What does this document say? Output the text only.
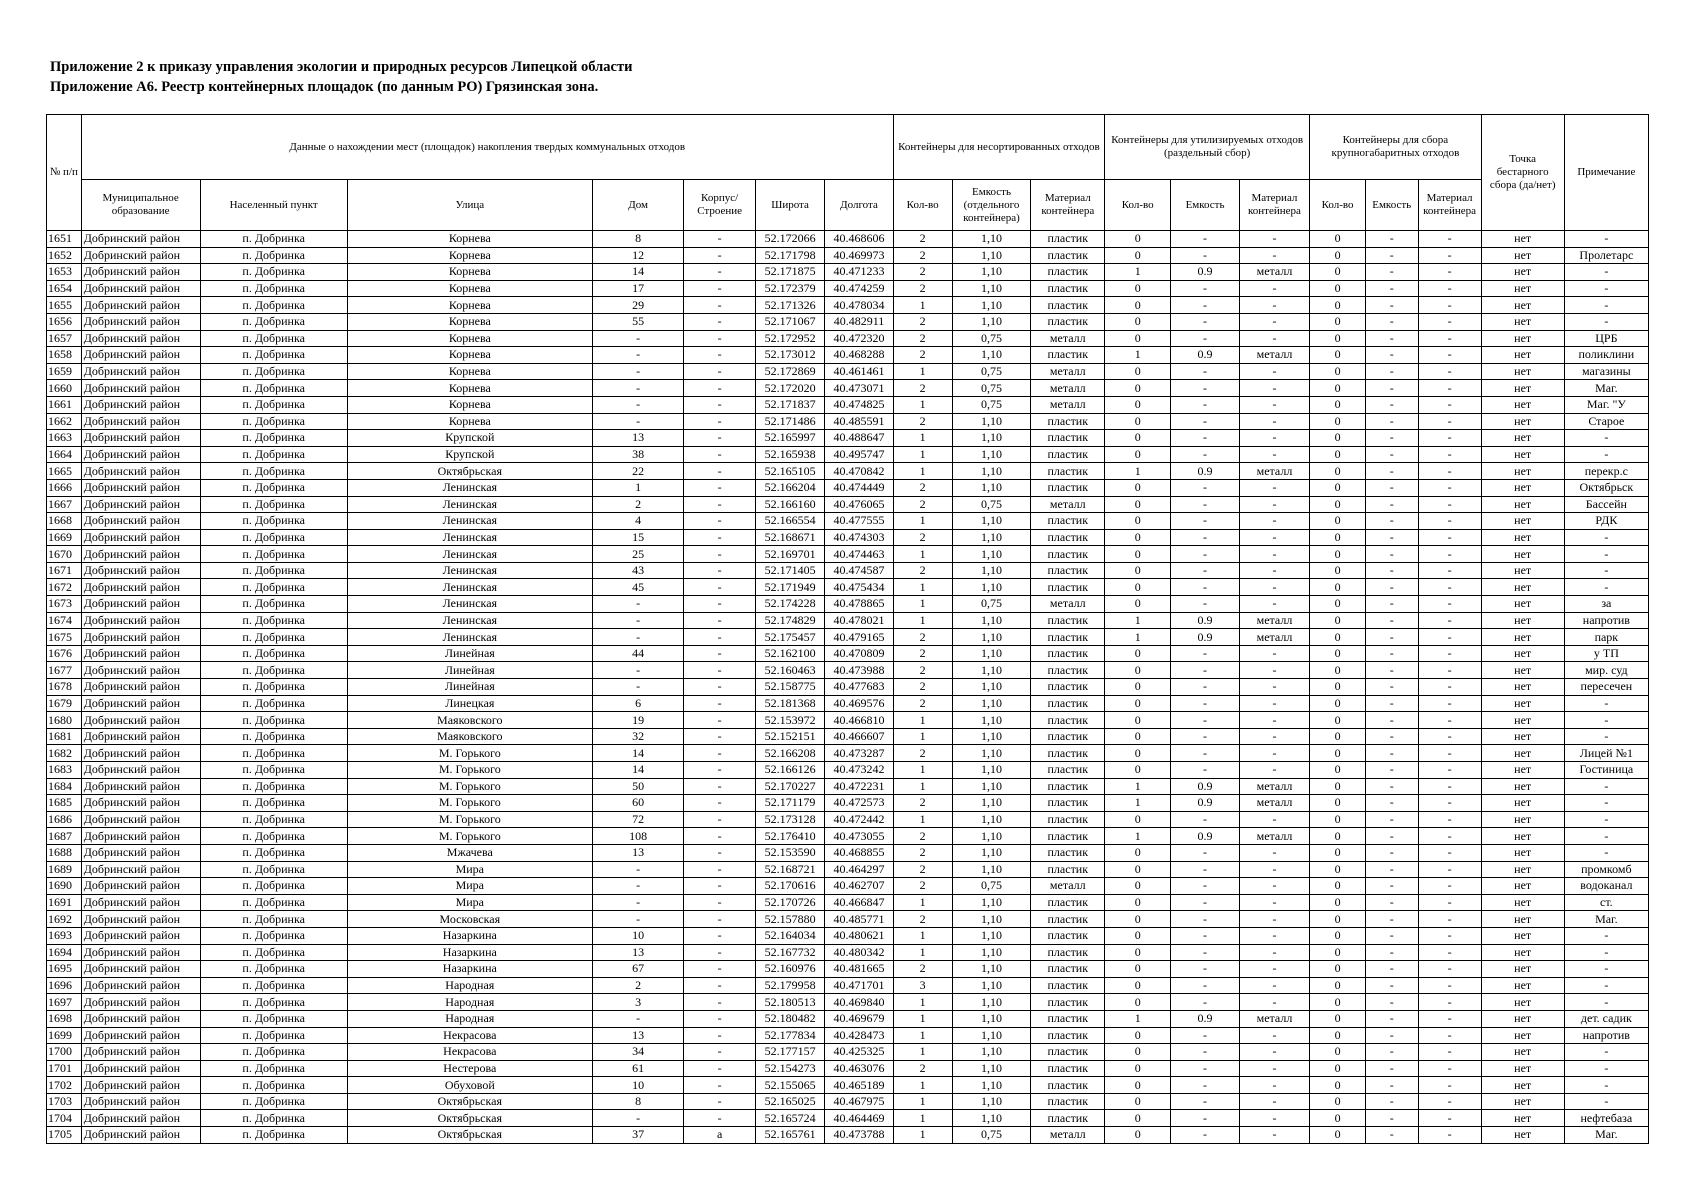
Приложение 2 к приказу управления экологии и природных ресурсов Липецкой области
Приложение А6. Реестр контейнерных площадок (по данным РО) Грязинская зона.
№ п/п	Данные о нахождении мест (площадок) накопления твердых коммунальных отходов							Контейнеры для несортированных отходов			Контейнеры для утилизируемых отходов (раздельный сбор)			Контейнеры для сбора крупногабаритных отходов			Точка бестарного сбора (да/нет)	Примечание
	Муниципальное образование	Населенный пункт	Улица	Дом	Корпус/ Строение	Широта	Долгота	Кол-во	Емкость (отдельного контейнера)	Материал контейнера	Кол-во	Емкость	Материал контейнера	Кол-во	Емкость	Материал контейнера		
1651	Добринский район	п. Добринка	Корнева	8	-	52.172066	40.468606	2	1,10	пластик	0	-	-	0	-	-	нет	-
1652	Добринский район	п. Добринка	Корнева	12	-	52.171798	40.469973	2	1,10	пластик	0	-	-	0	-	-	нет	Пролетарс
1653	Добринский район	п. Добринка	Корнева	14	-	52.171875	40.471233	2	1,10	пластик	1	0.9	металл	0	-	-	нет	-
1654	Добринский район	п. Добринка	Корнева	17	-	52.172379	40.474259	2	1,10	пластик	0	-	-	0	-	-	нет	-
1655	Добринский район	п. Добринка	Корнева	29	-	52.171326	40.478034	1	1,10	пластик	0	-	-	0	-	-	нет	-
1656	Добринский район	п. Добринка	Корнева	55	-	52.171067	40.482911	2	1,10	пластик	0	-	-	0	-	-	нет	-
1657	Добринский район	п. Добринка	Корнева	-	-	52.172952	40.472320	2	0,75	металл	0	-	-	0	-	-	нет	ЦРБ
1658	Добринский район	п. Добринка	Корнева	-	-	52.173012	40.468288	2	1,10	пластик	1	0.9	металл	0	-	-	нет	поликлини
1659	Добринский район	п. Добринка	Корнева	-	-	52.172869	40.461461	1	0,75	металл	0	-	-	0	-	-	нет	магазины
1660	Добринский район	п. Добринка	Корнева	-	-	52.172020	40.473071	2	0,75	металл	0	-	-	0	-	-	нет	Маг.
1661	Добринский район	п. Добринка	Корнева	-	-	52.171837	40.474825	1	0,75	металл	0	-	-	0	-	-	нет	Маг. "У
1662	Добринский район	п. Добринка	Корнева	-	-	52.171486	40.485591	2	1,10	пластик	0	-	-	0	-	-	нет	Старое
1663	Добринский район	п. Добринка	Крупской	13	-	52.165997	40.488647	1	1,10	пластик	0	-	-	0	-	-	нет	-
1664	Добринский район	п. Добринка	Крупской	38	-	52.165938	40.495747	1	1,10	пластик	0	-	-	0	-	-	нет	-
1665	Добринский район	п. Добринка	Октябрьская	22	-	52.165105	40.470842	1	1,10	пластик	1	0.9	металл	0	-	-	нет	перекр.с
1666	Добринский район	п. Добринка	Ленинская	1	-	52.166204	40.474449	2	1,10	пластик	0	-	-	0	-	-	нет	Октябрьск
1667	Добринский район	п. Добринка	Ленинская	2	-	52.166160	40.476065	2	0,75	металл	0	-	-	0	-	-	нет	Бассейн
1668	Добринский район	п. Добринка	Ленинская	4	-	52.166554	40.477555	1	1,10	пластик	0	-	-	0	-	-	нет	РДК
1669	Добринский район	п. Добринка	Ленинская	15	-	52.168671	40.474303	2	1,10	пластик	0	-	-	0	-	-	нет	-
1670	Добринский район	п. Добринка	Ленинская	25	-	52.169701	40.474463	1	1,10	пластик	0	-	-	0	-	-	нет	-
1671	Добринский район	п. Добринка	Ленинская	43	-	52.171405	40.474587	2	1,10	пластик	0	-	-	0	-	-	нет	-
1672	Добринский район	п. Добринка	Ленинская	45	-	52.171949	40.475434	1	1,10	пластик	0	-	-	0	-	-	нет	-
1673	Добринский район	п. Добринка	Ленинская	-	-	52.174228	40.478865	1	0,75	металл	0	-	-	0	-	-	нет	за
1674	Добринский район	п. Добринка	Ленинская	-	-	52.174829	40.478021	1	1,10	пластик	1	0.9	металл	0	-	-	нет	напротив
1675	Добринский район	п. Добринка	Ленинская	-	-	52.175457	40.479165	2	1,10	пластик	1	0.9	металл	0	-	-	нет	парк
1676	Добринский район	п. Добринка	Линейная	44	-	52.162100	40.470809	2	1,10	пластик	0	-	-	0	-	-	нет	у ТП
1677	Добринский район	п. Добринка	Линейная	-	-	52.160463	40.473988	2	1,10	пластик	0	-	-	0	-	-	нет	мир. суд
1678	Добринский район	п. Добринка	Линейная	-	-	52.158775	40.477683	2	1,10	пластик	0	-	-	0	-	-	нет	пересечен
1679	Добринский район	п. Добринка	Линецкая	6	-	52.181368	40.469576	2	1,10	пластик	0	-	-	0	-	-	нет	-
1680	Добринский район	п. Добринка	Маяковского	19	-	52.153972	40.466810	1	1,10	пластик	0	-	-	0	-	-	нет	-
1681	Добринский район	п. Добринка	Маяковского	32	-	52.152151	40.466607	1	1,10	пластик	0	-	-	0	-	-	нет	-
1682	Добринский район	п. Добринка	М. Горького	14	-	52.166208	40.473287	2	1,10	пластик	0	-	-	0	-	-	нет	Лицей №1
1683	Добринский район	п. Добринка	М. Горького	14	-	52.166126	40.473242	1	1,10	пластик	0	-	-	0	-	-	нет	Гостиница
1684	Добринский район	п. Добринка	М. Горького	50	-	52.170227	40.472231	1	1,10	пластик	1	0.9	металл	0	-	-	нет	-
1685	Добринский район	п. Добринка	М. Горького	60	-	52.171179	40.472573	2	1,10	пластик	1	0.9	металл	0	-	-	нет	-
1686	Добринский район	п. Добринка	М. Горького	72	-	52.173128	40.472442	1	1,10	пластик	0	-	-	0	-	-	нет	-
1687	Добринский район	п. Добринка	М. Горького	108	-	52.176410	40.473055	2	1,10	пластик	1	0.9	металл	0	-	-	нет	-
1688	Добринский район	п. Добринка	Мжачева	13	-	52.153590	40.468855	2	1,10	пластик	0	-	-	0	-	-	нет	-
1689	Добринский район	п. Добринка	Мира	-	-	52.168721	40.464297	2	1,10	пластик	0	-	-	0	-	-	нет	промкомб
1690	Добринский район	п. Добринка	Мира	-	-	52.170616	40.462707	2	0,75	металл	0	-	-	0	-	-	нет	водоканал
1691	Добринский район	п. Добринка	Мира	-	-	52.170726	40.466847	1	1,10	пластик	0	-	-	0	-	-	нет	ст.
1692	Добринский район	п. Добринка	Московская	-	-	52.157880	40.485771	2	1,10	пластик	0	-	-	0	-	-	нет	Маг.
1693	Добринский район	п. Добринка	Назаркина	10	-	52.164034	40.480621	1	1,10	пластик	0	-	-	0	-	-	нет	-
1694	Добринский район	п. Добринка	Назаркина	13	-	52.167732	40.480342	1	1,10	пластик	0	-	-	0	-	-	нет	-
1695	Добринский район	п. Добринка	Назаркина	67	-	52.160976	40.481665	2	1,10	пластик	0	-	-	0	-	-	нет	-
1696	Добринский район	п. Добринка	Народная	2	-	52.179958	40.471701	3	1,10	пластик	0	-	-	0	-	-	нет	-
1697	Добринский район	п. Добринка	Народная	3	-	52.180513	40.469840	1	1,10	пластик	0	-	-	0	-	-	нет	-
1698	Добринский район	п. Добринка	Народная	-	-	52.180482	40.469679	1	1,10	пластик	1	0.9	металл	0	-	-	нет	дет. садик
1699	Добринский район	п. Добринка	Некрасова	13	-	52.177834	40.428473	1	1,10	пластик	0	-	-	0	-	-	нет	напротив
1700	Добринский район	п. Добринка	Некрасова	34	-	52.177157	40.425325	1	1,10	пластик	0	-	-	0	-	-	нет	-
1701	Добринский район	п. Добринка	Нестерова	61	-	52.154273	40.463076	2	1,10	пластик	0	-	-	0	-	-	нет	-
1702	Добринский район	п. Добринка	Обуховой	10	-	52.155065	40.465189	1	1,10	пластик	0	-	-	0	-	-	нет	-
1703	Добринский район	п. Добринка	Октябрьская	8	-	52.165025	40.467975	1	1,10	пластик	0	-	-	0	-	-	нет	-
1704	Добринский район	п. Добринка	Октябрьская	-	-	52.165724	40.464469	1	1,10	пластик	0	-	-	0	-	-	нет	нефтебаза
1705	Добринский район	п. Добринка	Октябрьская	37	а	52.165761	40.473788	1	0,75	металл	0	-	-	0	-	-	нет	Маг.
